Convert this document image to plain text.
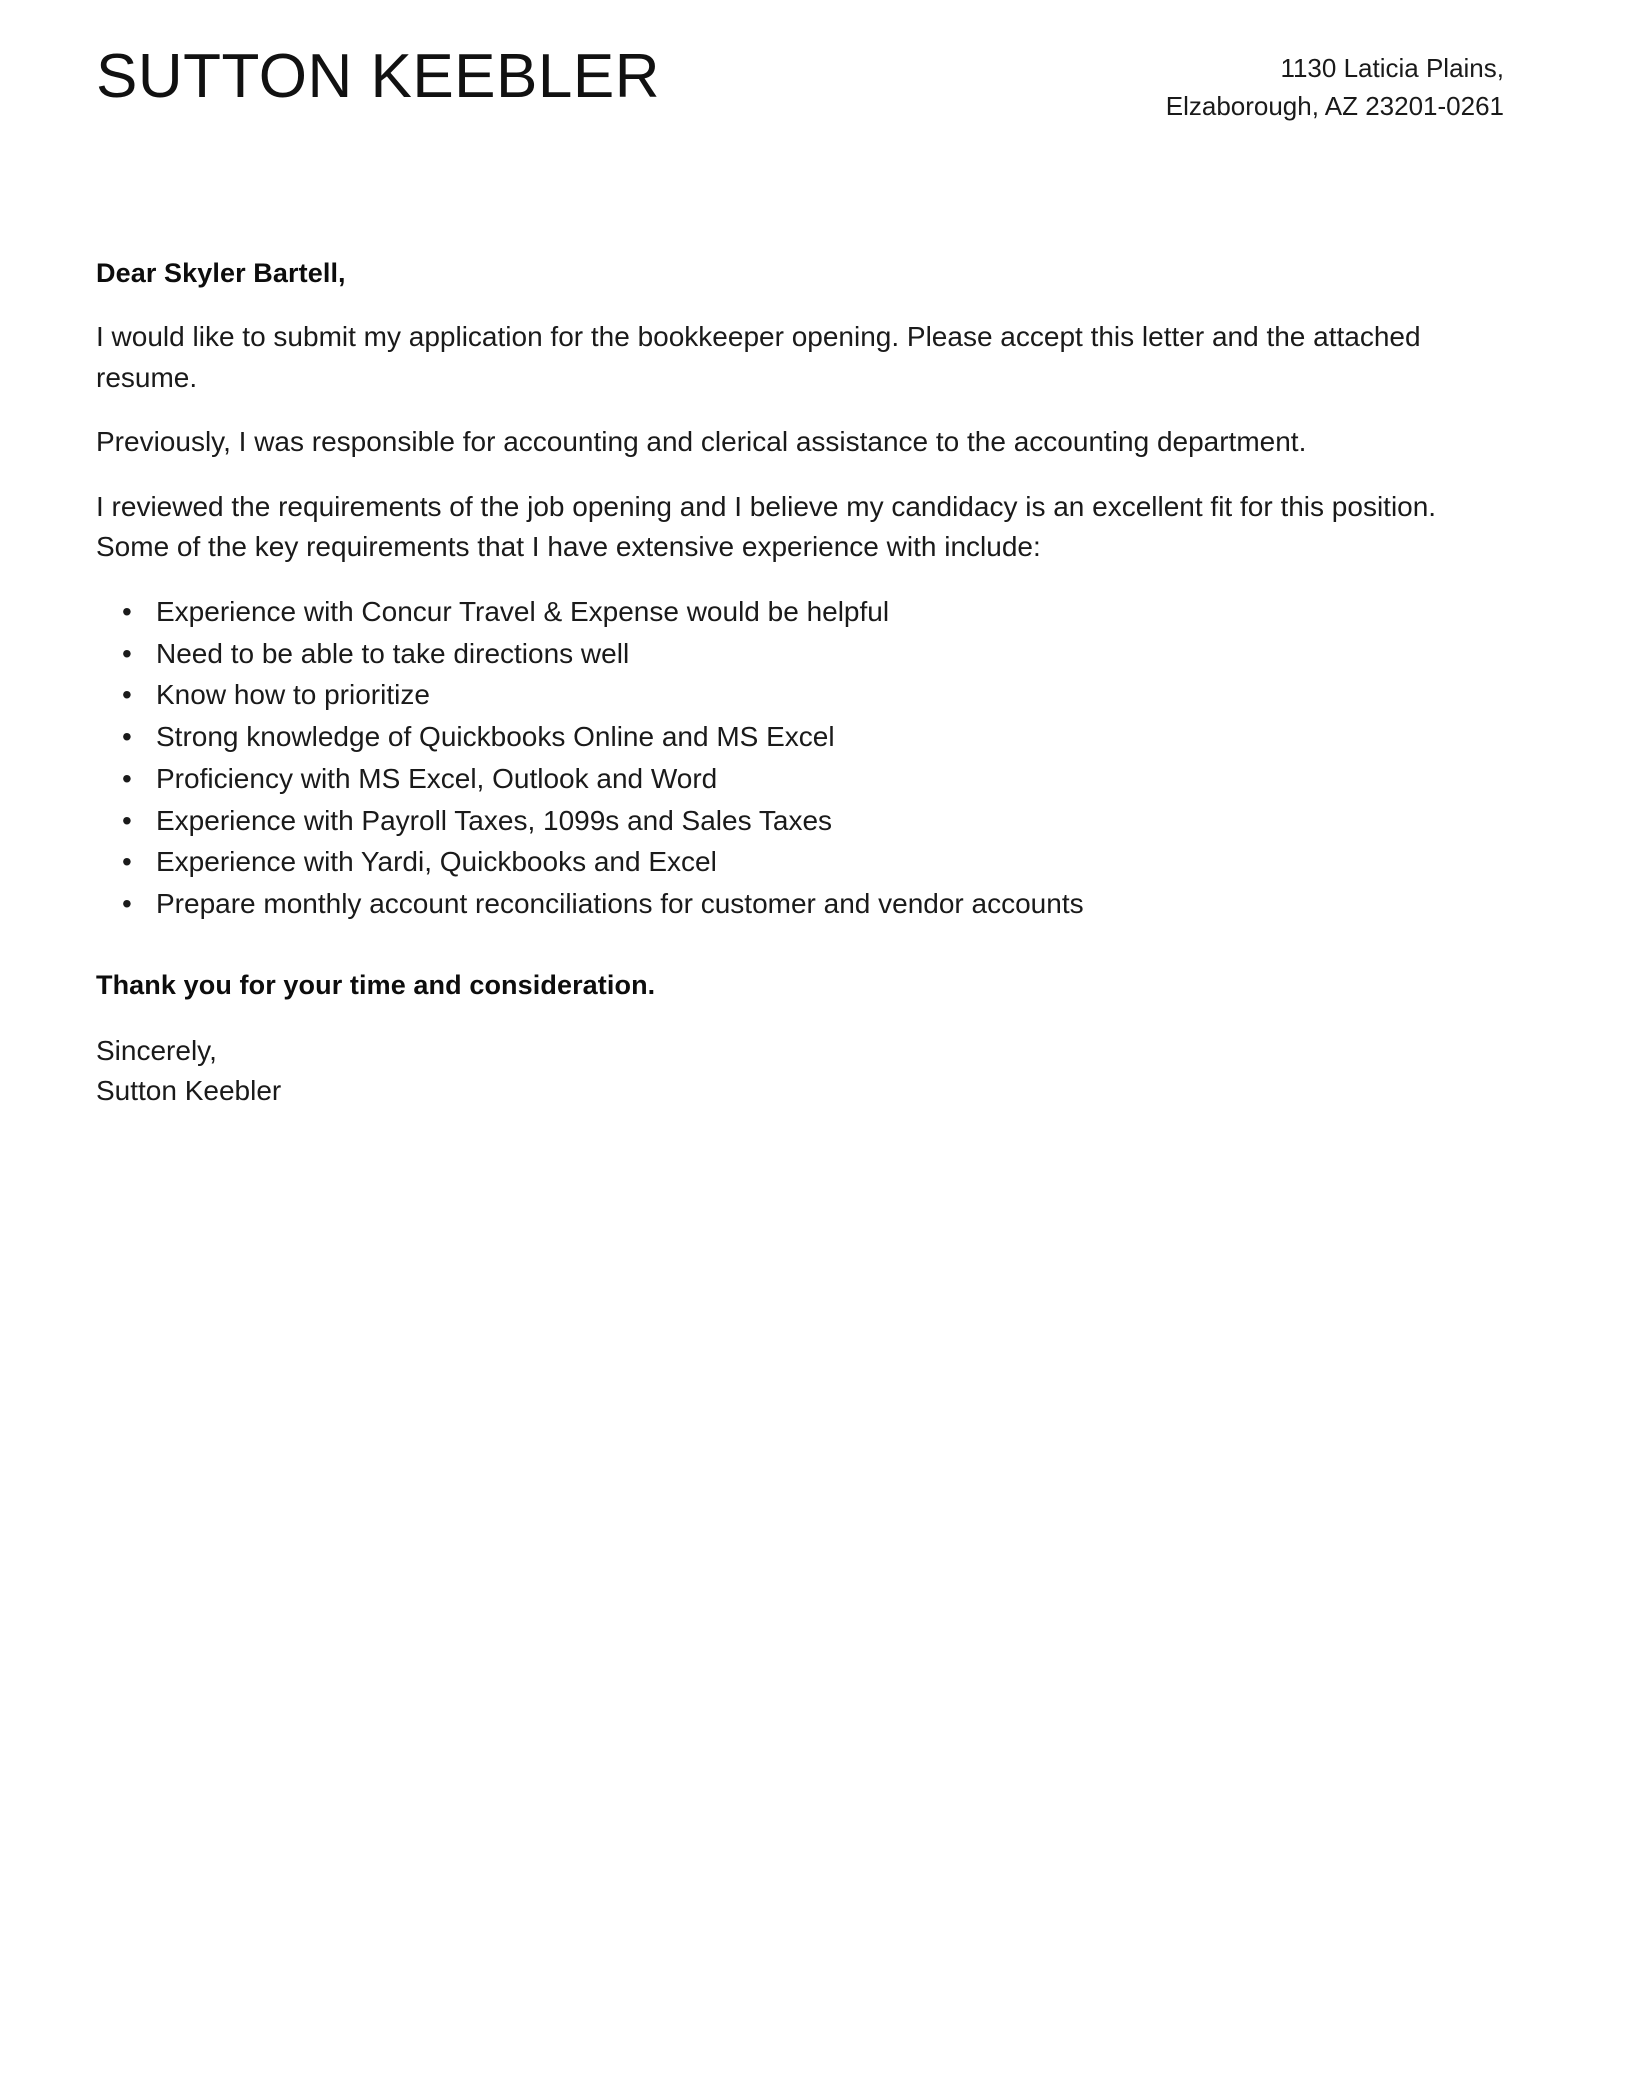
SUTTON KEEBLER	1130 Laticia Plains,
Elzaborough, AZ 23201-0261

Dear Skyler Bartell,

I would like to submit my application for the bookkeeper opening. Please accept this letter and the attached resume.

Previously, I was responsible for accounting and clerical assistance to the accounting department.

I reviewed the requirements of the job opening and I believe my candidacy is an excellent fit for this position. Some of the key requirements that I have extensive experience with include:

• Experience with Concur Travel & Expense would be helpful
• Need to be able to take directions well
• Know how to prioritize
• Strong knowledge of Quickbooks Online and MS Excel
• Proficiency with MS Excel, Outlook and Word
• Experience with Payroll Taxes, 1099s and Sales Taxes
• Experience with Yardi, Quickbooks and Excel
• Prepare monthly account reconciliations for customer and vendor accounts

Thank you for your time and consideration.

Sincerely,
Sutton Keebler
